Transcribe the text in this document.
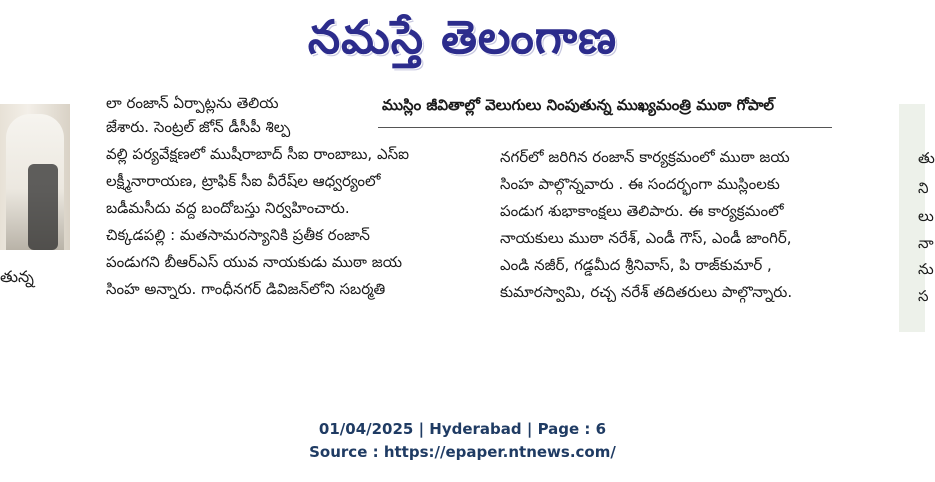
నమస్తే తెలంగాణ
తున్న
లా రంజాన్ ఏర్పాట్లను తెలియ	ముస్లిం జీవితాల్లో వెలుగులు నింపుతున్న ముఖ్యమంత్రి ముఠా గోపాల్
జేశారు. సెంట్రల్ జోన్ డీసీపీ శిల్ప
వల్లి పర్యవేక్షణలో ముషీరాబాద్ సీఐ రాంబాబు, ఎస్ఐ
లక్ష్మీనారాయణ, ట్రాఫిక్ సీఐ వీరేష్‌ల ఆధ్వర్యంలో
బడీమసీదు వద్ద బందోబస్తు నిర్వహించారు.
చిక్కడపల్లి : మతసామరస్యానికి ప్రతీక రంజాన్
పండుగని బీఆర్ఎస్ యువ నాయకుడు ముఠా జయ
సింహ అన్నారు. గాంధీనగర్ డివిజన్‌లోని సబర్మతి
నగర్‌లో జరిగిన రంజాన్ కార్యక్రమంలో ముఠా జయ
సింహ పాల్గొన్నవారు . ఈ సందర్భంగా ముస్లింలకు
పండుగ శుభాకాంక్షలు తెలిపారు. ఈ కార్యక్రమంలో
నాయకులు ముఠా నరేశ్, ఎండీ గౌస్, ఎండీ జాంగిర్,
ఎండి నజీర్, గడ్డమీద శ్రీనివాస్, పి రాజ్‌కుమార్ ,
కుమారస్వామి, రచ్చ నరేశ్ తదితరులు పాల్గొన్నారు.
తు
ని
లు
నా
ను
స
01/04/2025 | Hyderabad | Page : 6
Source : https://epaper.ntnews.com/
